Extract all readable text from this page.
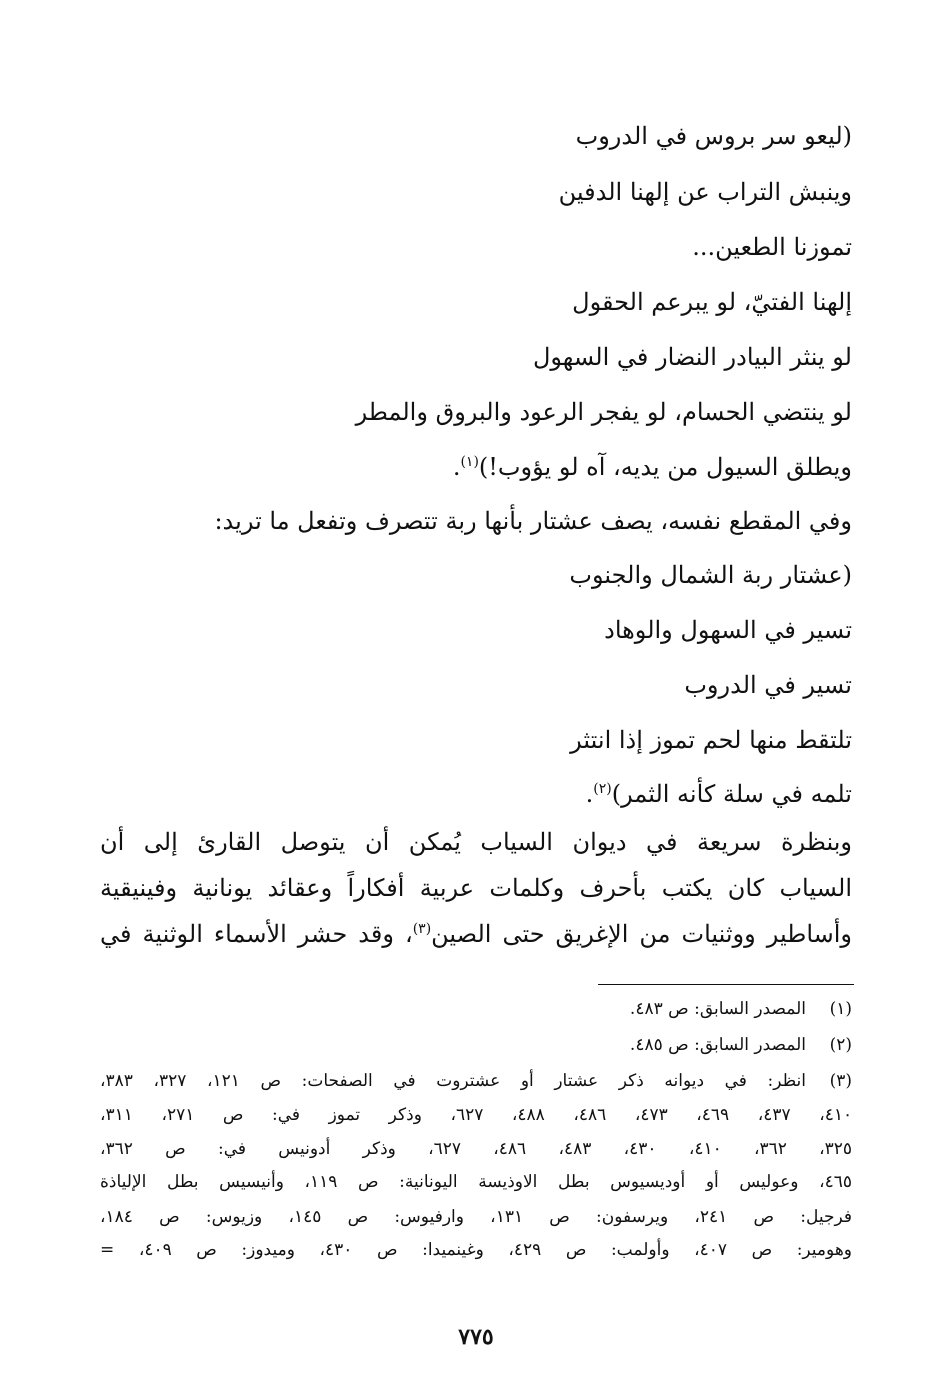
(ليعو سر بروس في الدروب
وينبش التراب عن إلهنا الدفين
تموزنا الطعين...
إلهنا الفتيّ، لو يبرعم الحقول
لو ينثر البيادر النضار في السهول
لو ينتضي الحسام، لو يفجر الرعود والبروق والمطر
ويطلق السيول من يديه، آه لو يؤوب!)$^{(١)}$.
وفي المقطع نفسه، يصف عشتار بأنها ربة تتصرف وتفعل ما تريد:
(عشتار ربة الشمال والجنوب
تسير في السهول والوهاد
تسير في الدروب
تلتقط منها لحم تموز إذا انتثر
تلمه في سلة كأنه الثمر)$^{(٢)}$.
وبنظرة سريعة في ديوان السياب يُمكن أن يتوصل القارئ إلى أن
السياب كان يكتب بأحرف وكلمات عربية أفكاراً وعقائد يونانية وفينيقية
وأساطير ووثنيات من الإغريق حتى الصين$^{(٣)}$، وقد حشر الأسماء الوثنية في
(١)
المصدر السابق: ص ٤٨٣.
(٢)
المصدر السابق: ص ٤٨٥.
(٣)
انظر: في ديوانه ذكر عشتار أو عشتروت في الصفحات: ص ١٢١، ٣٢٧، ٣٨٣،
٤١٠، ٤٣٧، ٤٦٩، ٤٧٣، ٤٨٦، ٤٨٨، ٦٢٧، وذكر تموز في: ص ٢٧١، ٣١١،
٣٢٥، ٣٦٢، ٤١٠، ٤٣٠، ٤٨٣، ٤٨٦، ٦٢٧، وذكر أدونيس في: ص ٣٦٢،
٤٦٥، وعوليس أو أوديسيوس بطل الاوذيسة اليونانية: ص ١١٩، وأنيسيس بطل الإلياذة
فرجيل: ص ٢٤١، ويرسفون: ص ١٣١، وارفيوس: ص ١٤٥، وزيوس: ص ١٨٤،
وهومير: ص ٤٠٧، وأولمب: ص ٤٢٩، وغينميدا: ص ٤٣٠، وميدوز: ص ٤٠٩، =
٧٧٥
